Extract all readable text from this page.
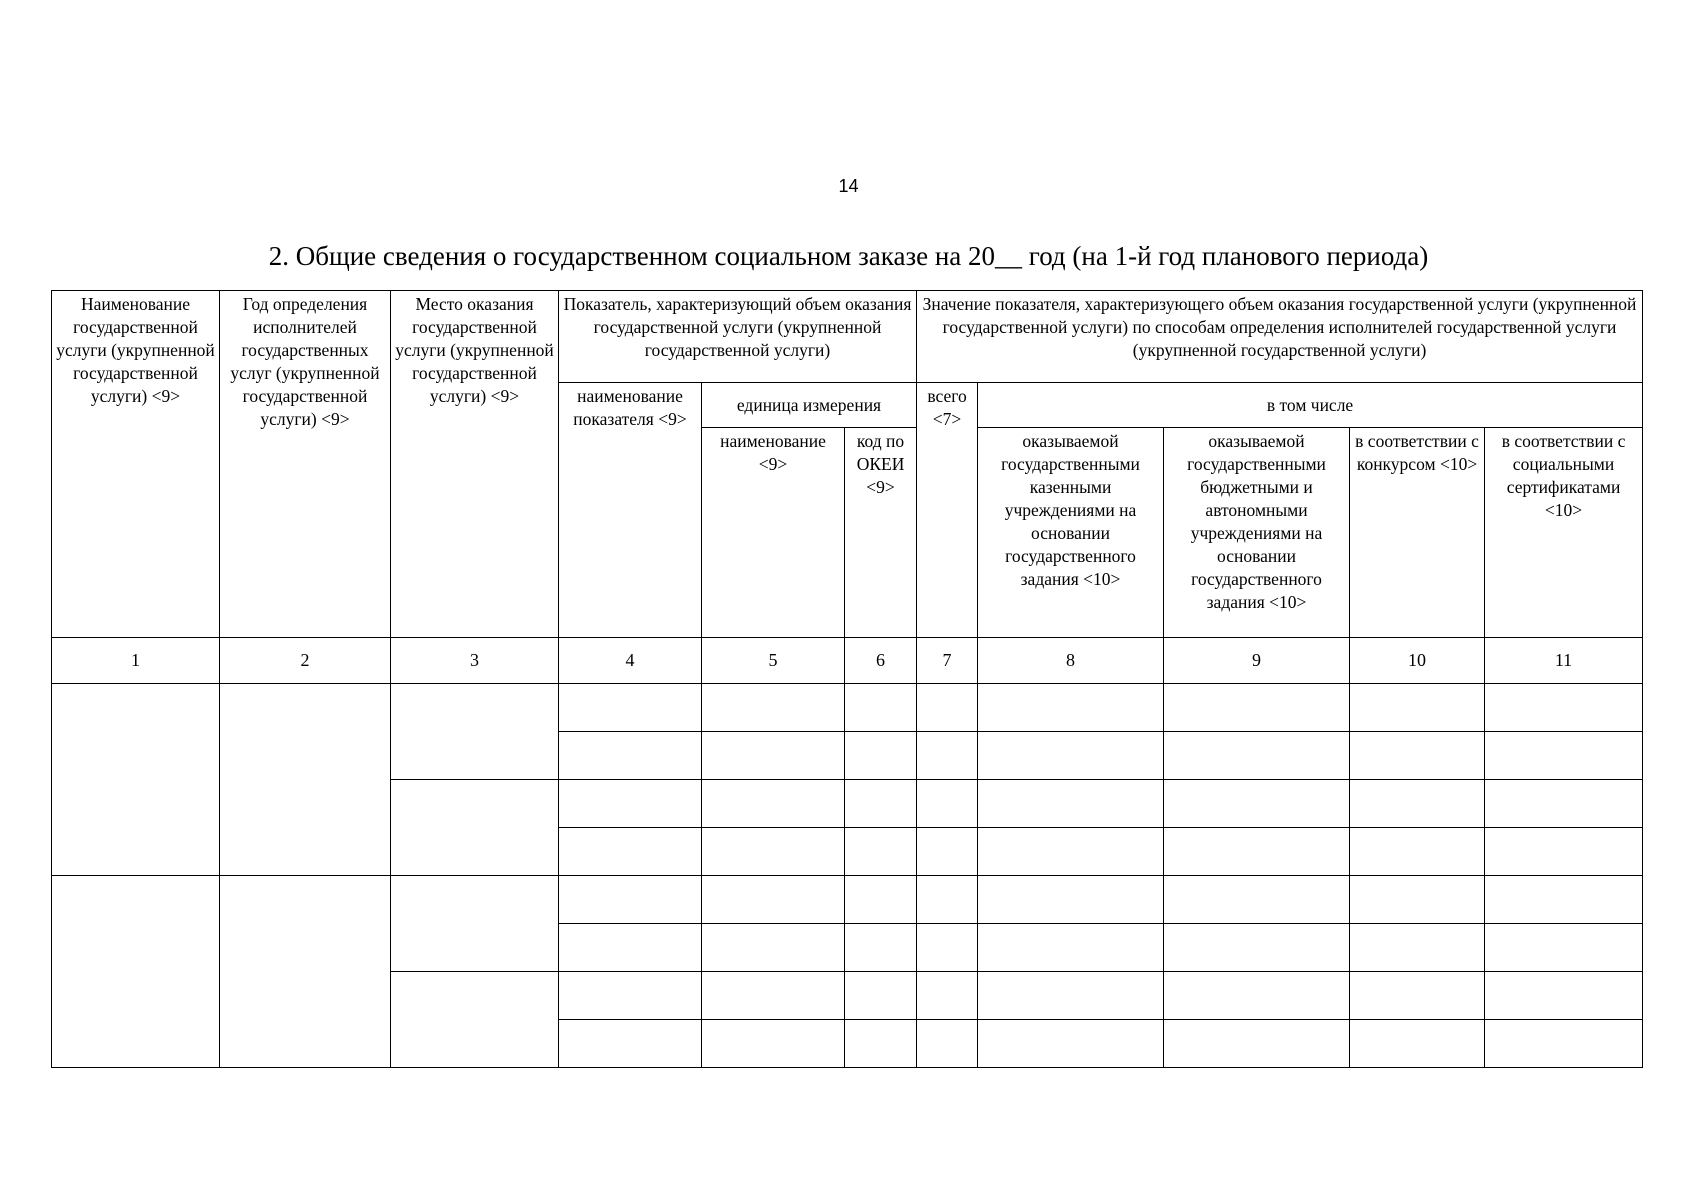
14
2. Общие сведения о государственном социальном заказе на 20__ год (на 1-й год планового периода)
Наименование государственной услуги (укрупненной государственной услуги) <9>	Год определения исполнителей государственных услуг (укрупненной государственной услуги) <9>	Место оказания государственной услуги (укрупненной государственной услуги) <9>	Показатель, характеризующий объем оказания государственной услуги (укрупненной государственной услуги)			Значение показателя, характеризующего объем оказания государственной услуги (укрупненной государственной услуги) по способам определения исполнителей государственной услуги (укрупненной государственной услуги)				
			наименование показателя <9>	единица измерения		всего <7>	в том числе			
				наименование <9>	код по ОКЕИ <9>		оказываемой государственными казенными учреждениями на основании государственного задания <10>	оказываемой государственными бюджетными и автономными учреждениями на основании государственного задания <10>	в соответствии с конкурсом <10>	в соответствии с социальными сертификатами <10>
1	2	3	4	5	6	7	8	9	10	11
